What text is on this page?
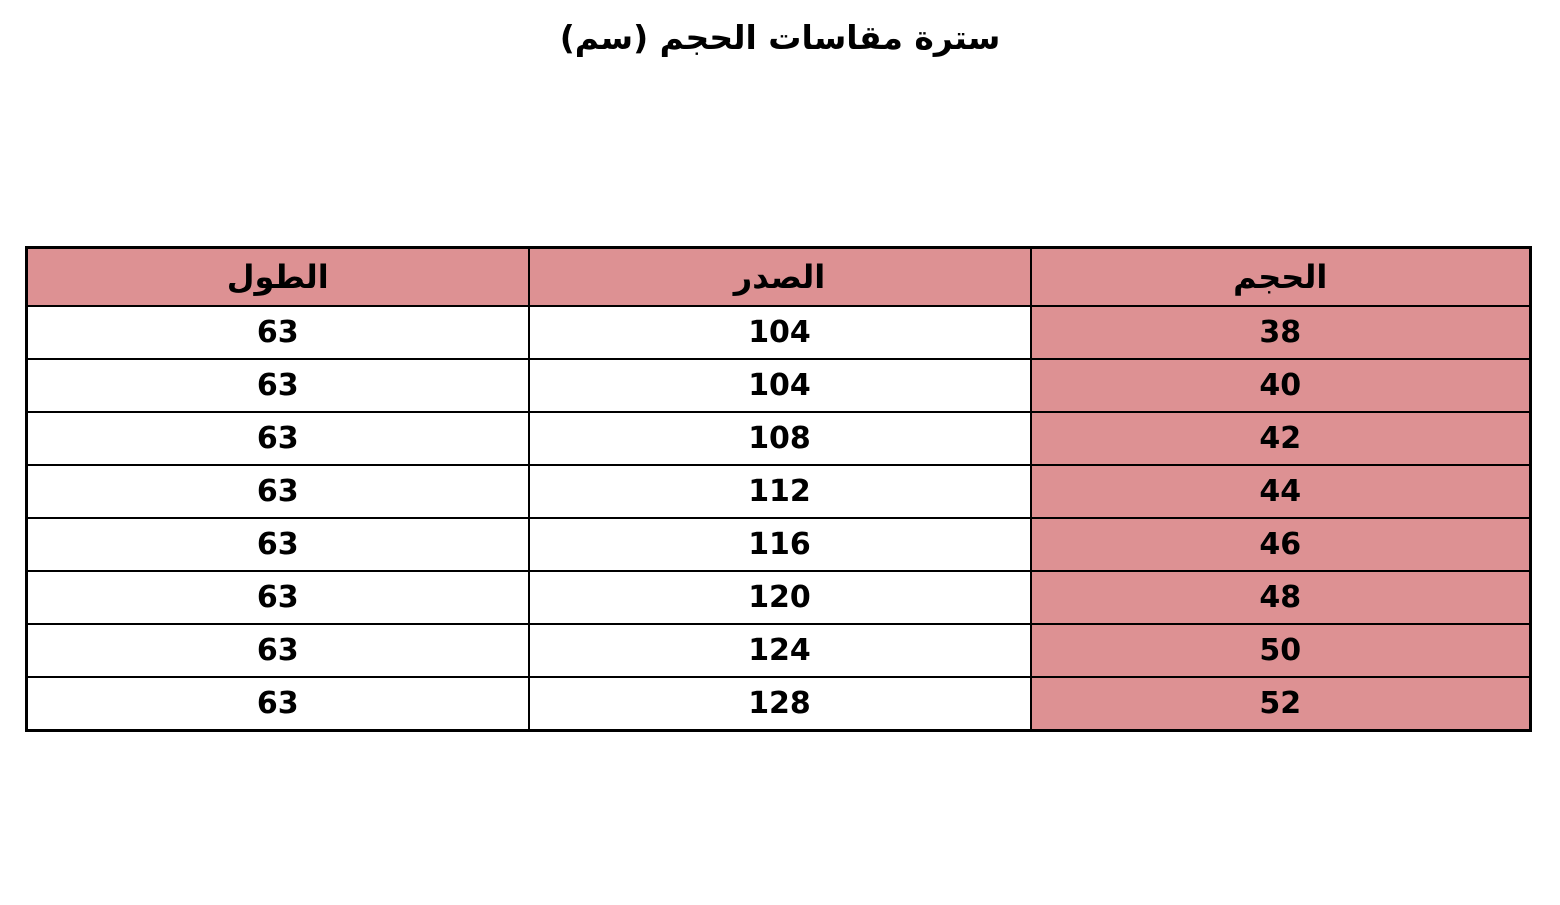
سترة مقاسات الحجم (سم)
الحجم	الصدر	الطول
38	104	63
40	104	63
42	108	63
44	112	63
46	116	63
48	120	63
50	124	63
52	128	63
